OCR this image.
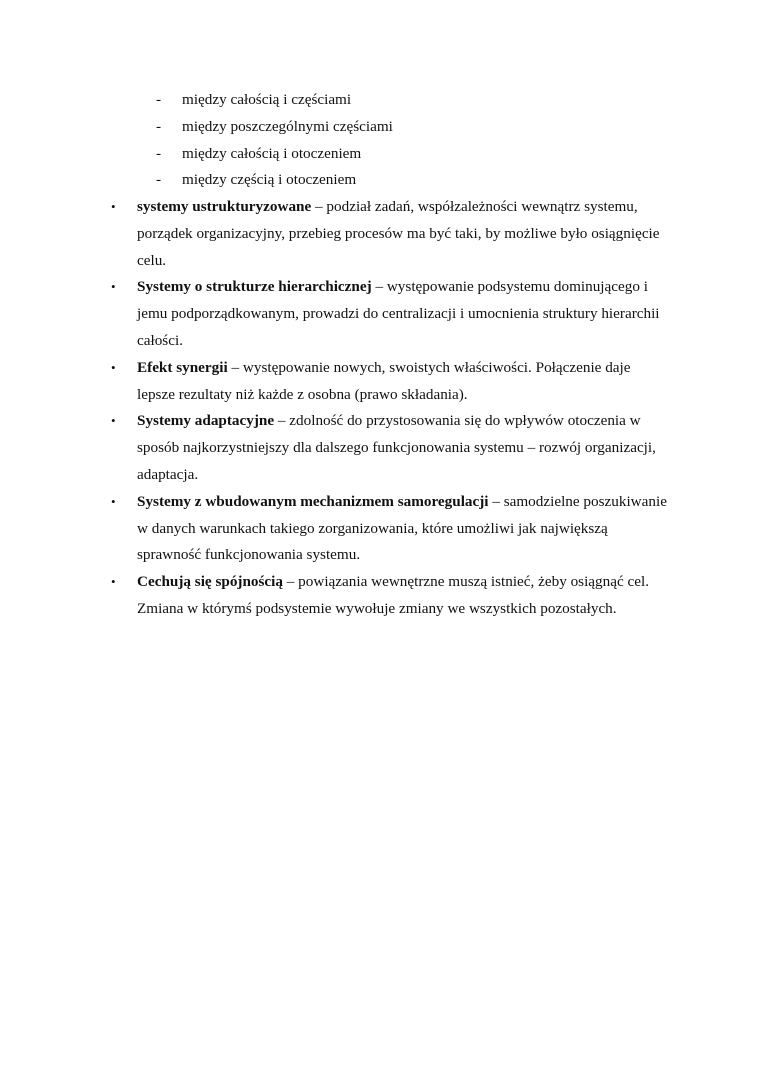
- między całością i częściami
- między poszczególnymi częściami
- między całością i otoczeniem
- między częścią i otoczeniem
• systemy ustrukturyzowane – podział zadań, współzależności wewnątrz systemu, porządek organizacyjny, przebieg procesów ma być taki, by możliwe było osiągnięcie celu.
• Systemy o strukturze hierarchicznej – występowanie podsystemu dominującego i jemu podporządkowanym, prowadzi do centralizacji i umocnienia struktury hierarchii całości.
• Efekt synergii – występowanie nowych, swoistych właściwości. Połączenie daje lepsze rezultaty niż każde z osobna (prawo składania).
• Systemy adaptacyjne – zdolność do przystosowania się do wpływów otoczenia w sposób najkorzystniejszy dla dalszego funkcjonowania systemu – rozwój organizacji, adaptacja.
• Systemy z wbudowanym mechanizmem samoregulacji – samodzielne poszukiwanie w danych warunkach takiego zorganizowania, które umożliwi jak największą sprawność funkcjonowania systemu.
• Cechują się spójnością – powiązania wewnętrzne muszą istnieć, żeby osiągnąć cel. Zmiana w którymś podsystemie wywołuje zmiany we wszystkich pozostałych.
